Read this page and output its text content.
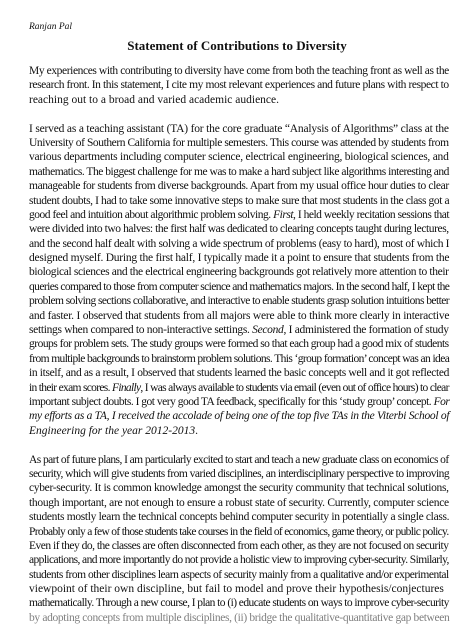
Ranjan Pal
Statement of Contributions to Diversity
My experiences with contributing to diversity have come from both the teaching front as well as the
research front. In this statement, I cite my most relevant experiences and future plans with respect to
reaching out to a broad and varied academic audience.
I served as a teaching assistant (TA) for the core graduate “Analysis of Algorithms” class at the
University of Southern California for multiple semesters. This course was attended by students from
various departments including computer science, electrical engineering, biological sciences, and
mathematics. The biggest challenge for me was to make a hard subject like algorithms interesting and
manageable for students from diverse backgrounds. Apart from my usual office hour duties to clear
student doubts, I had to take some innovative steps to make sure that most students in the class got a
good feel and intuition about algorithmic problem solving. First, I held weekly recitation sessions that
were divided into two halves: the first half was dedicated to clearing concepts taught during lectures,
and the second half dealt with solving a wide spectrum of problems (easy to hard), most of which I
designed myself. During the first half, I typically made it a point to ensure that students from the
biological sciences and the electrical engineering backgrounds got relatively more attention to their
queries compared to those from computer science and mathematics majors. In the second half, I kept the
problem solving sections collaborative, and interactive to enable students grasp solution intuitions better
and faster. I observed that students from all majors were able to think more clearly in interactive
settings when compared to non-interactive settings. Second, I administered the formation of study
groups for problem sets. The study groups were formed so that each group had a good mix of students
from multiple backgrounds to brainstorm problem solutions. This ‘group formation’ concept was an idea
in itself, and as a result, I observed that students learned the basic concepts well and it got reflected
in their exam scores. Finally, I was always available to students via email (even out of office hours) to clear
important subject doubts. I got very good TA feedback, specifically for this ‘study group’ concept. For
my efforts as a TA, I received the accolade of being one of the top five TAs in the Viterbi School of
Engineering for the year 2012-2013.
As part of future plans, I am particularly excited to start and teach a new graduate class on economics of
security, which will give students from varied disciplines, an interdisciplinary perspective to improving
cyber-security. It is common knowledge amongst the security community that technical solutions,
though important, are not enough to ensure a robust state of security. Currently, computer science
students mostly learn the technical concepts behind computer security in potentially a single class.
Probably only a few of those students take courses in the field of economics, game theory, or public policy.
Even if they do, the classes are often disconnected from each other, as they are not focused on security
applications, and more importantly do not provide a holistic view to improving cyber-security. Similarly,
students from other disciplines learn aspects of security mainly from a qualitative and/or experimental
viewpoint of their own discipline, but fail to model and prove their hypothesis/conjectures
mathematically. Through a new course, I plan to (i) educate students on ways to improve cyber-security
by adopting concepts from multiple disciplines, (ii) bridge the qualitative-quantitative gap between
